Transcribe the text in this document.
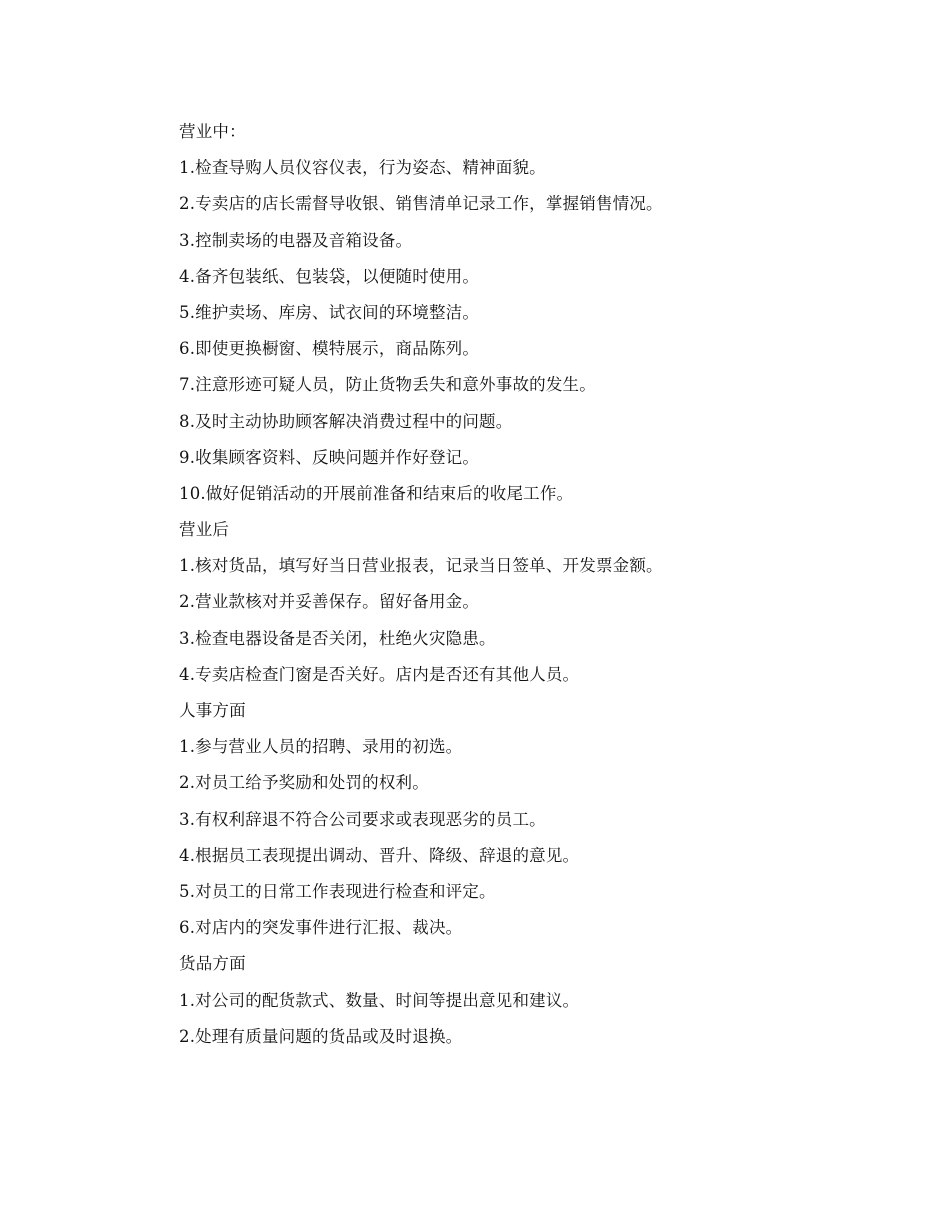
营业中：
1.检查导购人员仪容仪表，行为姿态、精神面貌。
2.专卖店的店长需督导收银、销售清单记录工作，掌握销售情况。
3.控制卖场的电器及音箱设备。
4.备齐包装纸、包装袋，以便随时使用。
5.维护卖场、库房、试衣间的环境整洁。
6.即使更换橱窗、模特展示，商品陈列。
7.注意形迹可疑人员，防止货物丢失和意外事故的发生。
8.及时主动协助顾客解决消费过程中的问题。
9.收集顾客资料、反映问题并作好登记。
10.做好促销活动的开展前准备和结束后的收尾工作。
营业后
1.核对货品，填写好当日营业报表，记录当日签单、开发票金额。
2.营业款核对并妥善保存。留好备用金。
3.检查电器设备是否关闭，杜绝火灾隐患。
4.专卖店检查门窗是否关好。店内是否还有其他人员。
人事方面
1.参与营业人员的招聘、录用的初选。
2.对员工给予奖励和处罚的权利。
3.有权利辞退不符合公司要求或表现恶劣的员工。
4.根据员工表现提出调动、晋升、降级、辞退的意见。
5.对员工的日常工作表现进行检查和评定。
6.对店内的突发事件进行汇报、裁决。
货品方面
1.对公司的配货款式、数量、时间等提出意见和建议。
2.处理有质量问题的货品或及时退换。
